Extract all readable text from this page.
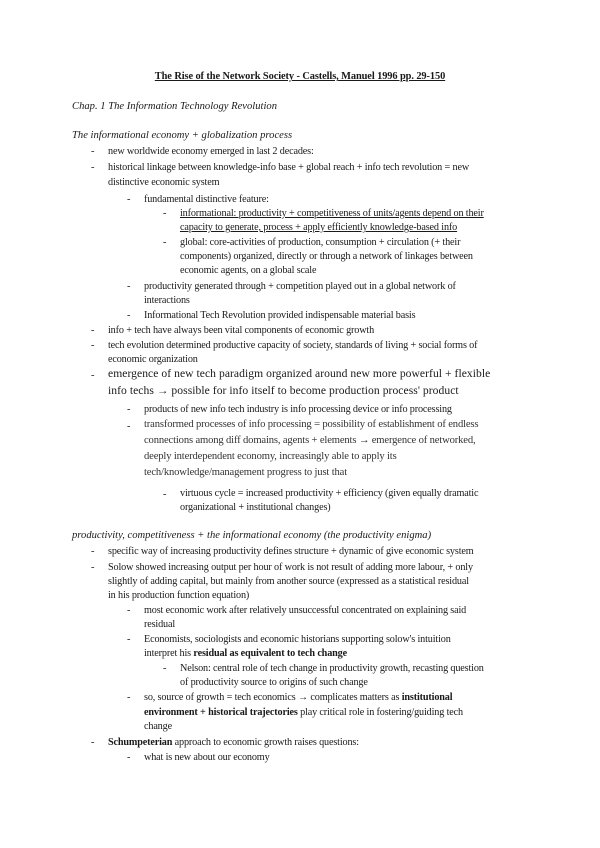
The Rise of the Network Society - Castells, Manuel 1996 pp. 29-150
Chap. 1 The Information Technology Revolution
The informational economy + globalization process
- new worldwide economy emerged in last 2 decades:
- historical linkage between knowledge-info base + global reach + info tech revolution = new
distinctive economic system
- fundamental distinctive feature:
- informational: productivity + competitiveness of units/agents depend on their
capacity to generate, process + apply efficiently knowledge-based info
- global: core-activities of production, consumption + circulation (+ their
components) organized, directly or through a network of linkages between
economic agents, on a global scale
- productivity generated through + competition played out in a global network of
interactions
- Informational Tech Revolution provided indispensable material basis
- info + tech have always been vital components of economic growth
- tech evolution determined productive capacity of society, standards of living + social forms of
economic organization
- emergence of new tech paradigm organized around new more powerful + flexible
info techs → possible for info itself to become production process' product
- products of new info tech industry is info processing device or info processing
- transformed processes of info processing = possibility of establishment of endless
connections among diff domains, agents + elements → emergence of networked,
deeply interdependent economy, increasingly able to apply its
tech/knowledge/management progress to just that
- virtuous cycle = increased productivity + efficiency (given equally dramatic
organizational + institutional changes)
productivity, competitiveness + the informational economy (the productivity enigma)
- specific way of increasing productivity defines structure + dynamic of give economic system
- Solow showed increasing output per hour of work is not result of adding more labour, + only
slightly of adding capital, but mainly from another source (expressed as a statistical residual
in his production function equation)
- most economic work after relatively unsuccessful concentrated on explaining said
residual
- Economists, sociologists and economic historians supporting solow's intuition
interpret his residual as equivalent to tech change
- Nelson: central role of tech change in productivity growth, recasting question
of productivity source to origins of such change
- so, source of growth = tech economics → complicates matters as institutional
environment + historical trajectories play critical role in fostering/guiding tech
change
- Schumpeterian approach to economic growth raises questions:
- what is new about our economy
